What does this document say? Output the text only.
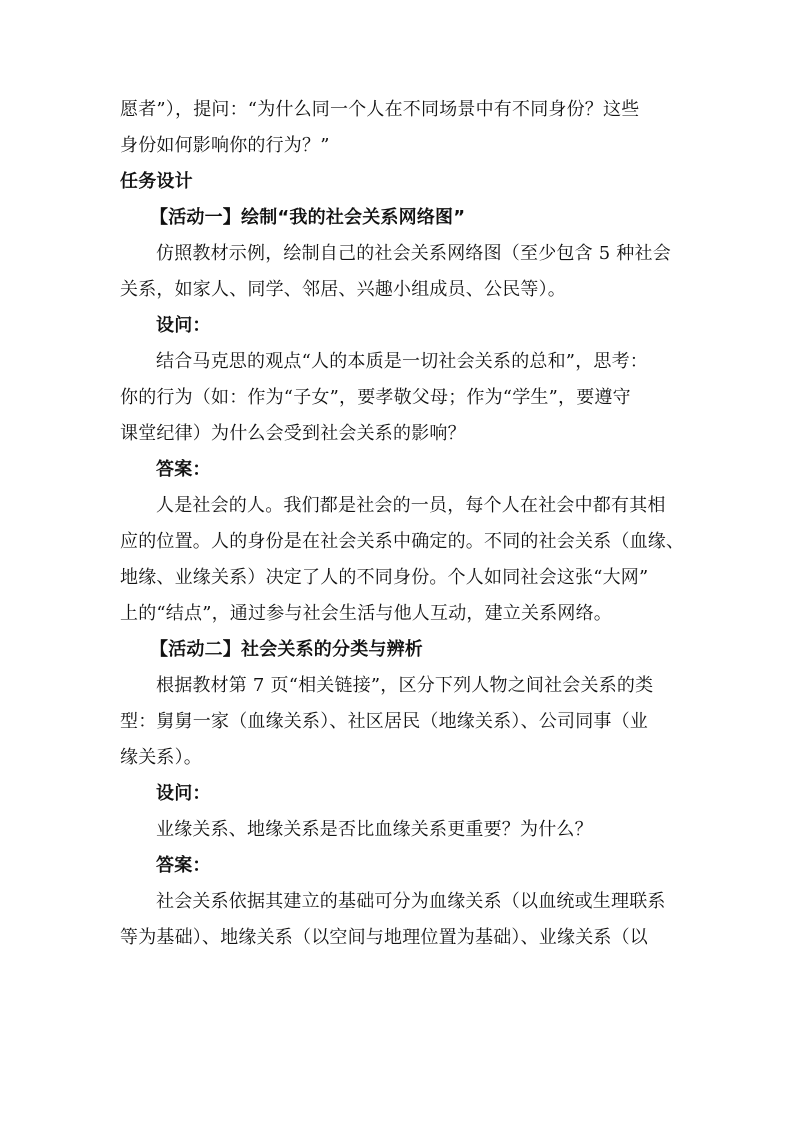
愿者”），提问：“为什么同一个人在不同场景中有不同身份？这些
身份如何影响你的行为？”
任务设计
【活动一】绘制“我的社会关系网络图”
仿照教材示例，绘制自己的社会关系网络图（至少包含 5 种社会
关系，如家人、同学、邻居、兴趣小组成员、公民等）。
设问：
结合马克思的观点“人的本质是一切社会关系的总和”，思考：
你的行为（如：作为“子女”，要孝敬父母；作为“学生”，要遵守
课堂纪律）为什么会受到社会关系的影响？
答案：
人是社会的人。我们都是社会的一员，每个人在社会中都有其相
应的位置。人的身份是在社会关系中确定的。不同的社会关系（血缘、
地缘、业缘关系）决定了人的不同身份。个人如同社会这张“大网”
上的“结点”，通过参与社会生活与他人互动，建立关系网络。
【活动二】社会关系的分类与辨析
根据教材第 7 页“相关链接”，区分下列人物之间社会关系的类
型：舅舅一家（血缘关系）、社区居民（地缘关系）、公司同事（业
缘关系）。
设问：
业缘关系、地缘关系是否比血缘关系更重要？为什么？
答案：
社会关系依据其建立的基础可分为血缘关系（以血统或生理联系
等为基础）、地缘关系（以空间与地理位置为基础）、业缘关系（以
